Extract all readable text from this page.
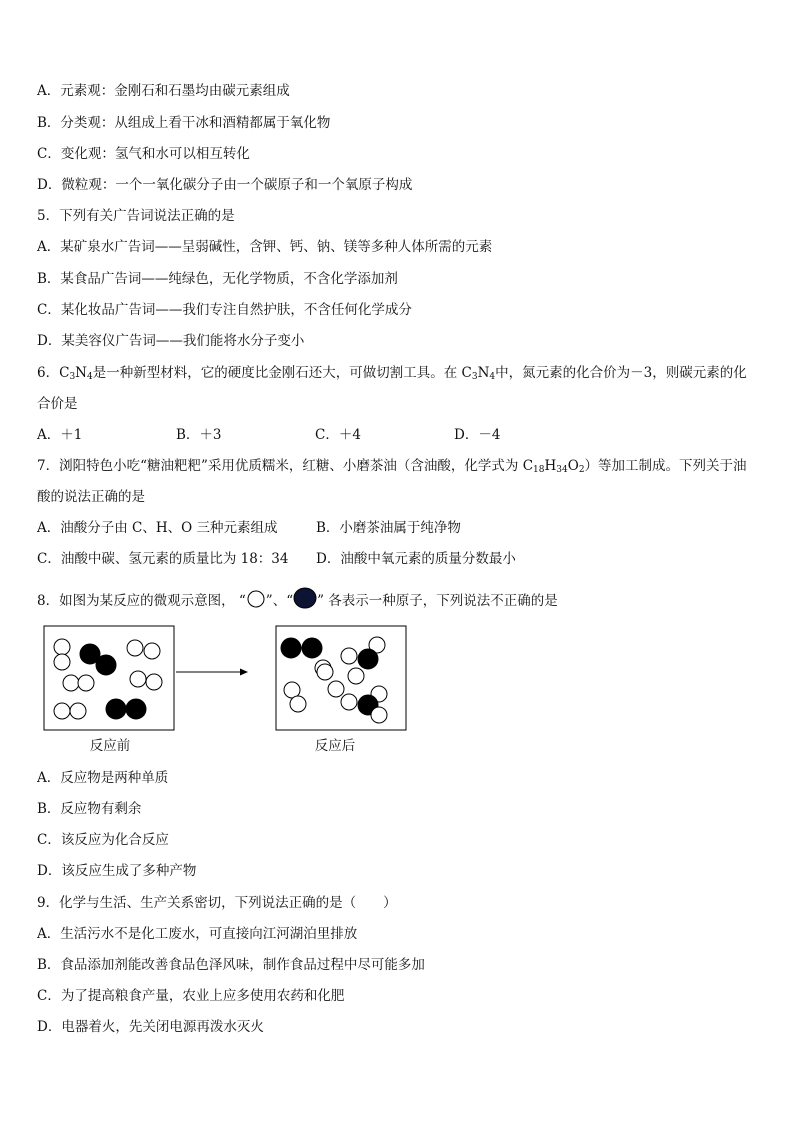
A．元素观：金刚石和石墨均由碳元素组成
B．分类观：从组成上看干冰和酒精都属于氧化物
C．变化观：氢气和水可以相互转化
D．微粒观：一个一氧化碳分子由一个碳原子和一个氧原子构成
5．下列有关广告词说法正确的是
A．某矿泉水广告词——呈弱碱性，含钾、钙、钠、镁等多种人体所需的元素
B．某食品广告词——纯绿色，无化学物质，不含化学添加剂
C．某化妆品广告词——我们专注自然护肤，不含任何化学成分
D．某美容仪广告词——我们能将水分子变小
6．$C_3N_4$是一种新型材料，它的硬度比金刚石还大，可做切割工具。在 $C_3N_4$中，氮元素的化合价为－3，则碳元素的化
合价是
A．＋1	B．＋3	C．＋4	D．－4
7．浏阳特色小吃“糖油粑粑”采用优质糯米，红糖、小磨茶油（含油酸，化学式为 $C_{18}H_{34}O_2$）等加工制成。下列关于油
酸的说法正确的是
A．油酸分子由 C、H、O 三种元素组成	B．小磨茶油属于纯净物
C．油酸中碳、氢元素的质量比为 18：34 D．油酸中氧元素的质量分数最小
8．如图为某反应的微观示意图， “ ”、“ ” 各表示一种原子，下列说法不正确的是
反应前	反应后
A．反应物是两种单质
B．反应物有剩余
C．该反应为化合反应
D．该反应生成了多种产物
9．化学与生活、生产关系密切，下列说法正确的是（　　）
A．生活污水不是化工废水，可直接向江河湖泊里排放
B．食品添加剂能改善食品色泽风味，制作食品过程中尽可能多加
C．为了提高粮食产量，农业上应多使用农药和化肥
D．电器着火，先关闭电源再泼水灭火
